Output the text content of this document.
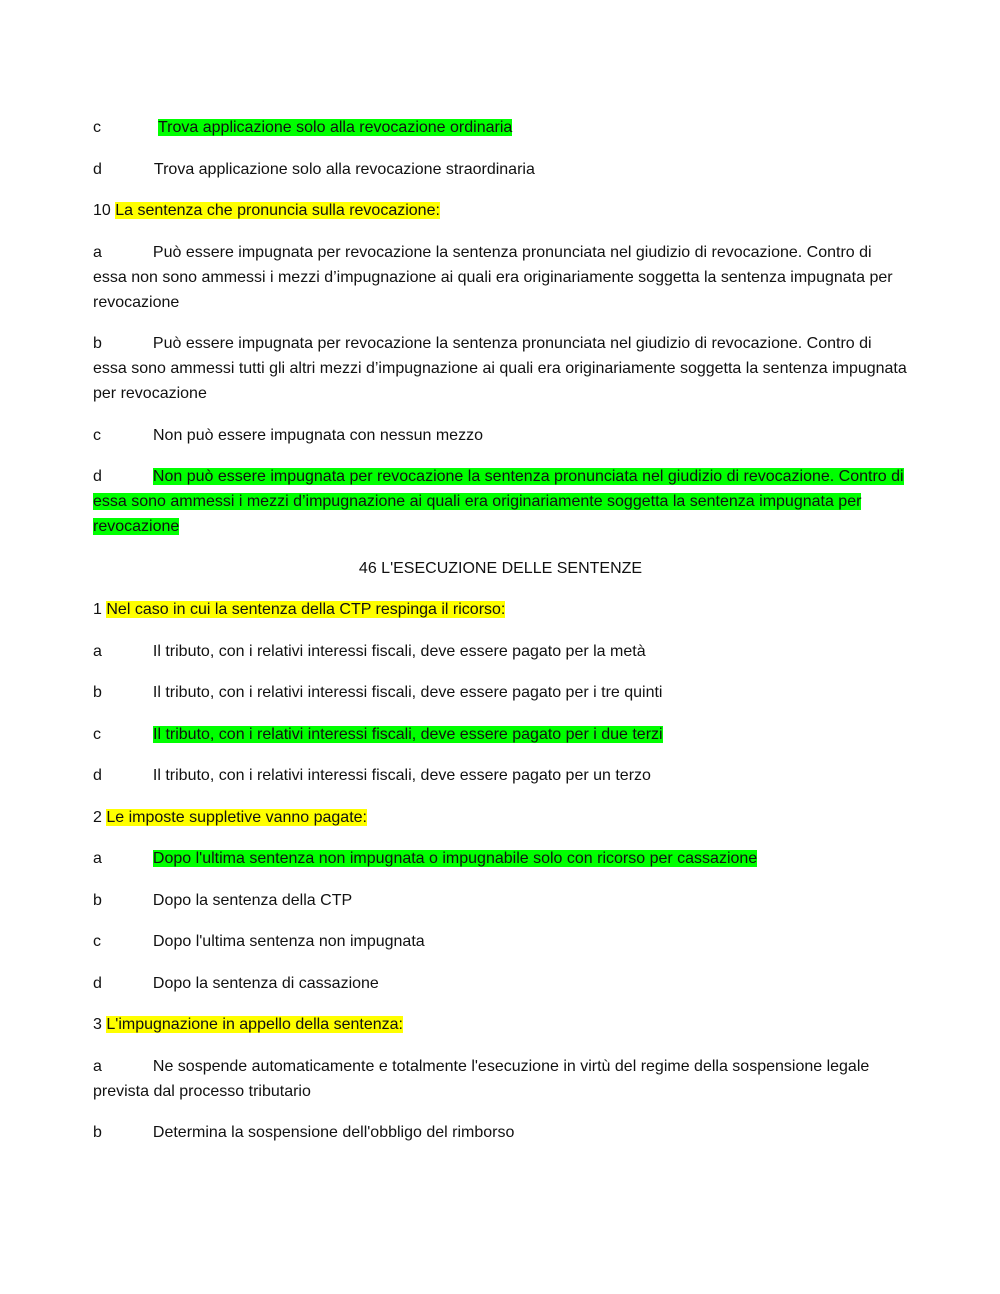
c	Trova applicazione solo alla revocazione ordinaria

d	Trova applicazione solo alla revocazione straordinaria

10 La sentenza che pronuncia sulla revocazione:

a	Può essere impugnata per revocazione la sentenza pronunciata nel giudizio di revocazione. Contro di essa non sono ammessi i mezzi d’impugnazione ai quali era originariamente soggetta la sentenza impugnata per revocazione

b	Può essere impugnata per revocazione la sentenza pronunciata nel giudizio di revocazione. Contro di essa sono ammessi tutti gli altri mezzi d’impugnazione ai quali era originariamente soggetta la sentenza impugnata per revocazione

c	Non può essere impugnata con nessun mezzo

d	Non può essere impugnata per revocazione la sentenza pronunciata nel giudizio di revocazione. Contro di essa sono ammessi i mezzi d’impugnazione ai quali era originariamente soggetta la sentenza impugnata per revocazione

46 L'ESECUZIONE DELLE SENTENZE

1 Nel caso in cui la sentenza della CTP respinga il ricorso:

a	Il tributo, con i relativi interessi fiscali, deve essere pagato per la metà

b	Il tributo, con i relativi interessi fiscali, deve essere pagato per i tre quinti

c	Il tributo, con i relativi interessi fiscali, deve essere pagato per i due terzi

d	Il tributo, con i relativi interessi fiscali, deve essere pagato per un terzo

2 Le imposte suppletive vanno pagate:

a	Dopo l'ultima sentenza non impugnata o impugnabile solo con ricorso per cassazione

b	Dopo la sentenza della CTP

c	Dopo l'ultima sentenza non impugnata

d	Dopo la sentenza di cassazione

3 L'impugnazione in appello della sentenza:

a	Ne sospende automaticamente e totalmente l'esecuzione in virtù del regime della sospensione legale prevista dal processo tributario

b	Determina la sospensione dell'obbligo del rimborso
